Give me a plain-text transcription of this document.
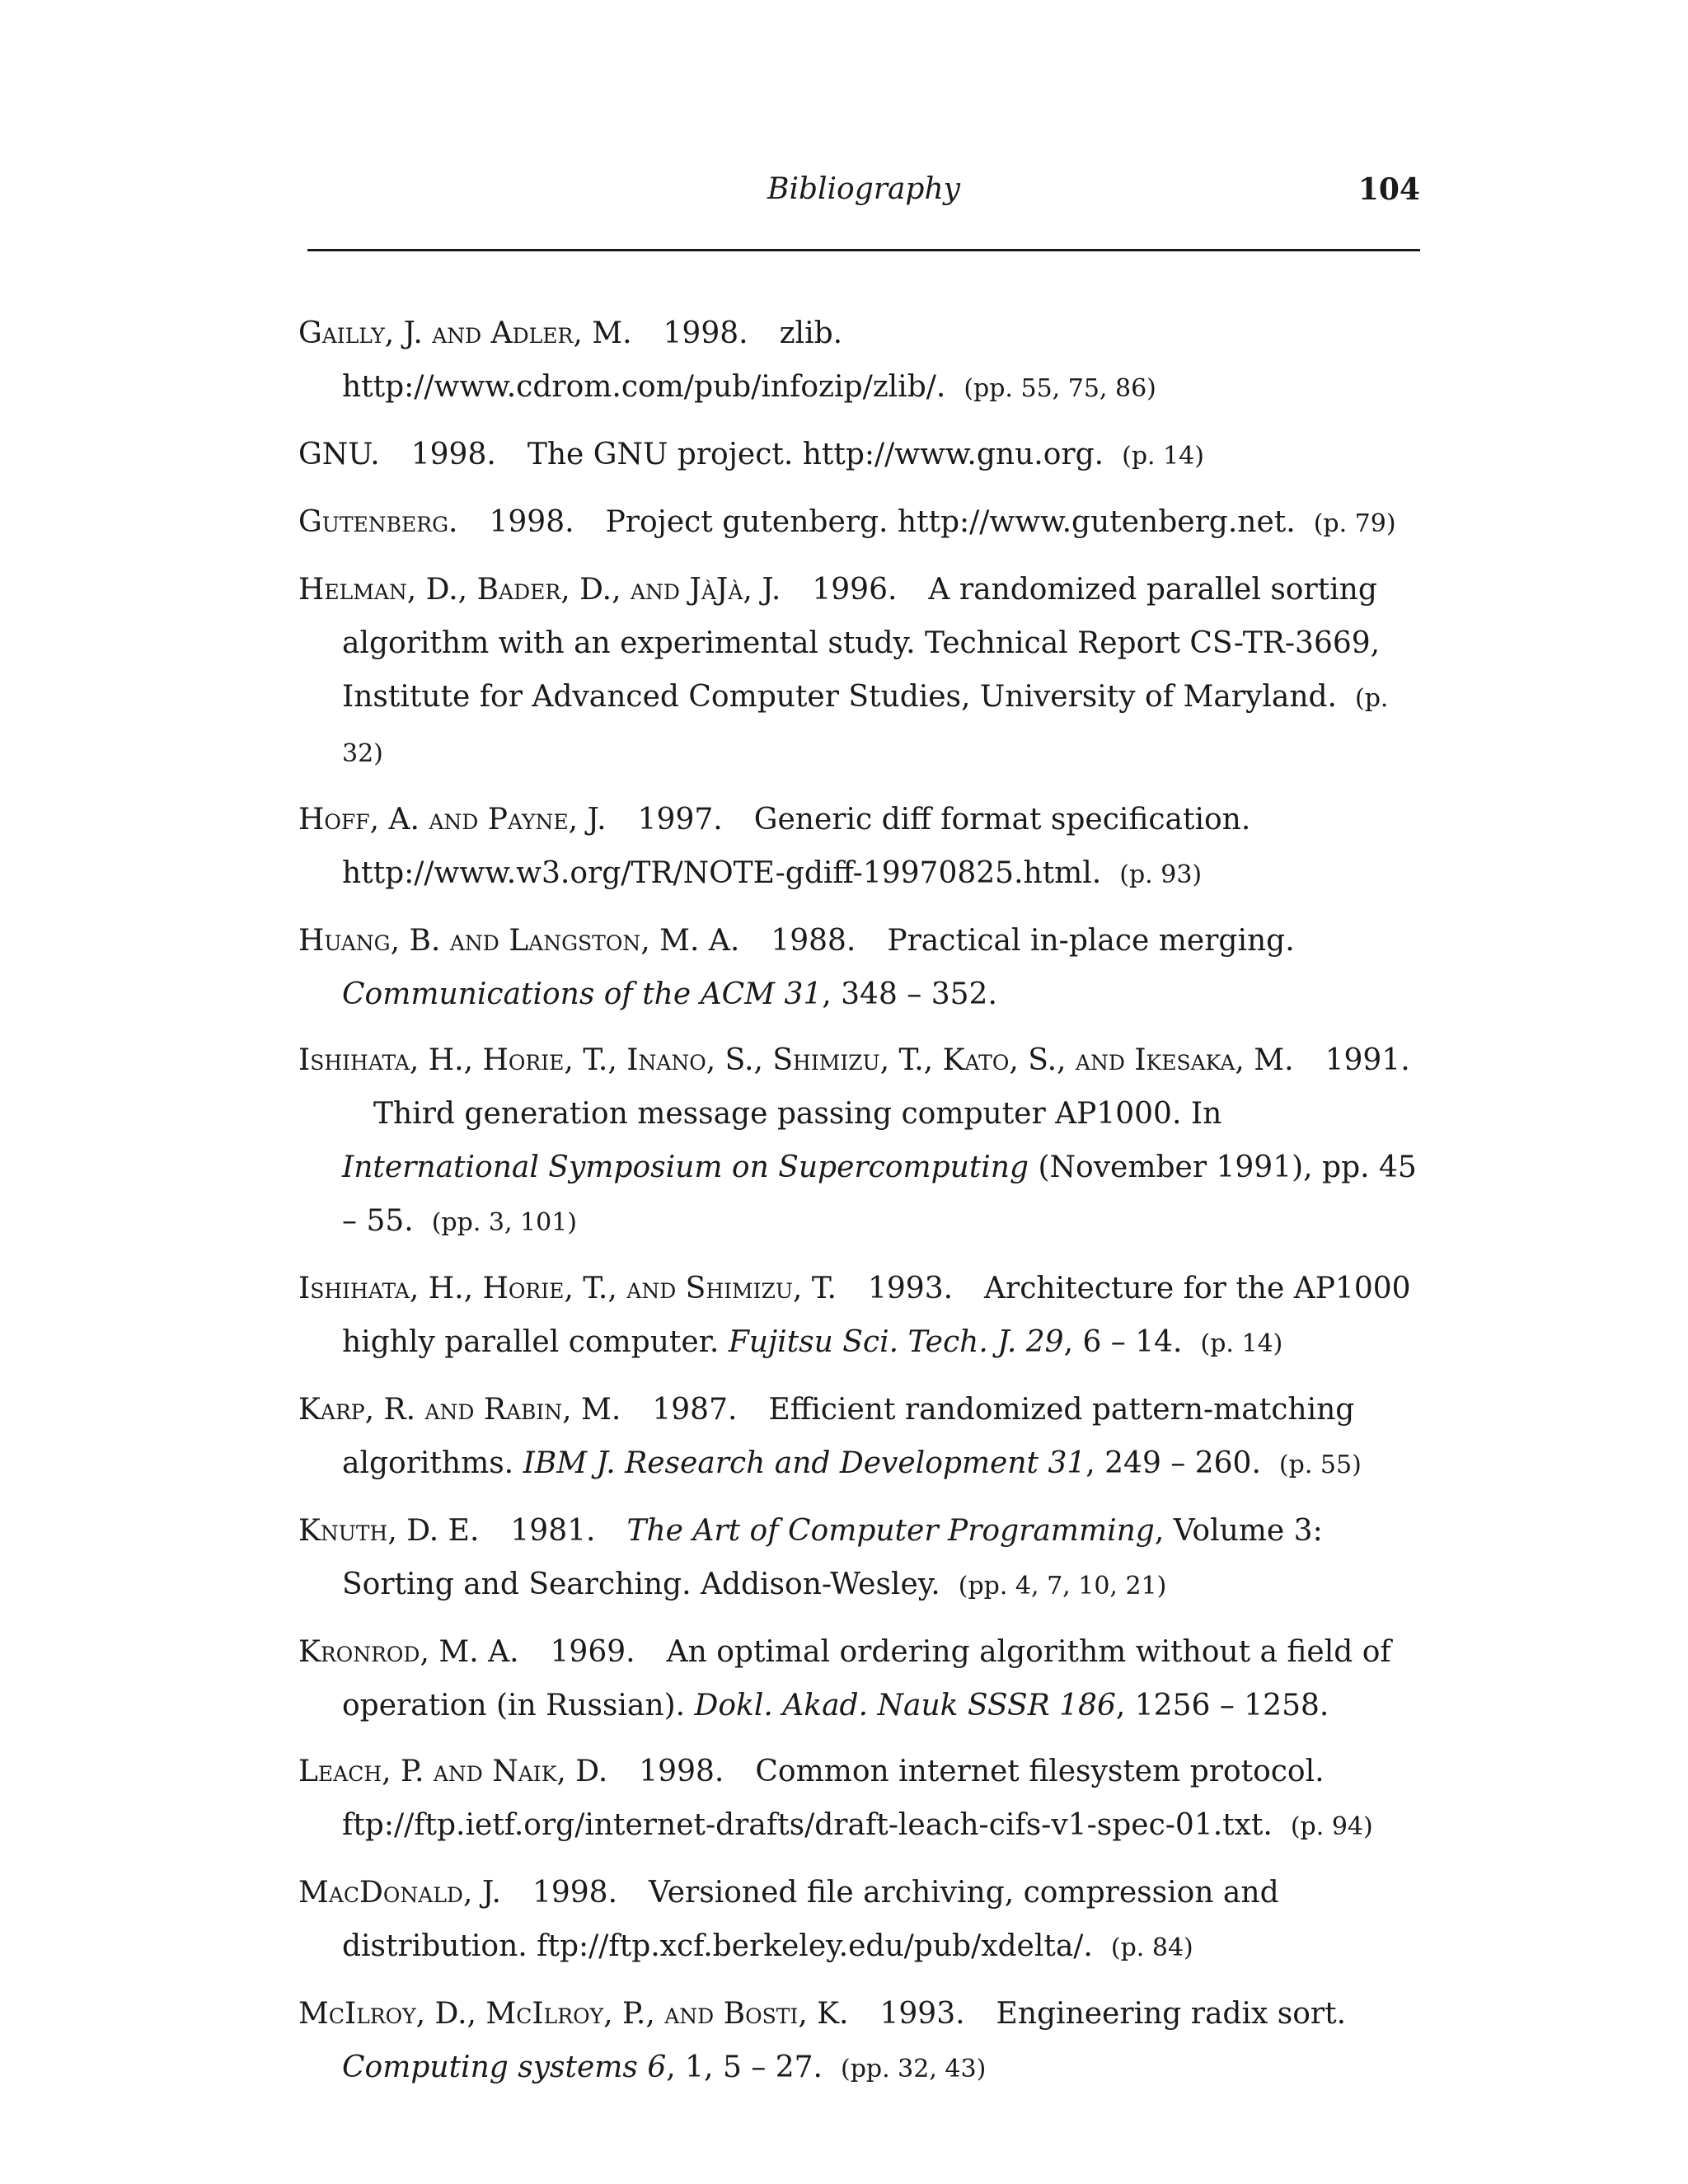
Bibliography	104
Gailly, J. and Adler, M. 1998. zlib. http://www.cdrom.com/pub/infozip/zlib/. (pp. 55, 75, 86)
GNU. 1998. The GNU project. http://www.gnu.org. (p. 14)
Gutenberg. 1998. Project gutenberg. http://www.gutenberg.net. (p. 79)
Helman, D., Bader, D., and JàJà, J. 1996. A randomized parallel sorting algorithm with an experimental study. Technical Report CS-TR-3669, Institute for Advanced Computer Studies, University of Maryland. (p. 32)
Hoff, A. and Payne, J. 1997. Generic diff format specification. http://www.w3.org/TR/NOTE-gdiff-19970825.html. (p. 93)
Huang, B. and Langston, M. A. 1988. Practical in-place merging. Communications of the ACM 31, 348 – 352.
Ishihata, H., Horie, T., Inano, S., Shimizu, T., Kato, S., and Ikesaka, M. 1991.Third generation message passing computer AP1000. In International Symposium on Supercomputing (November 1991), pp. 45 – 55. (pp. 3, 101)
Ishihata, H., Horie, T., and Shimizu, T. 1993. Architecture for the AP1000 highly parallel computer. Fujitsu Sci. Tech. J. 29, 6 – 14. (p. 14)
Karp, R. and Rabin, M. 1987. Efficient randomized pattern-matching algorithms. IBM J. Research and Development 31, 249 – 260. (p. 55)
Knuth, D. E. 1981. The Art of Computer Programming, Volume 3: Sorting and Searching. Addison-Wesley. (pp. 4, 7, 10, 21)
Kronrod, M. A. 1969. An optimal ordering algorithm without a field of operation (in Russian). Dokl. Akad. Nauk SSSR 186, 1256 – 1258.
Leach, P. and Naik, D. 1998. Common internet filesystem protocol. ftp://ftp.ietf.org/internet-drafts/draft-leach-cifs-v1-spec-01.txt. (p. 94)
MacDonald, J. 1998. Versioned file archiving, compression and distribution. ftp://ftp.xcf.berkeley.edu/pub/xdelta/. (p. 84)
McIlroy, D., McIlroy, P., and Bosti, K. 1993. Engineering radix sort. Computing systems 6, 1, 5 – 27. (pp. 32, 43)
